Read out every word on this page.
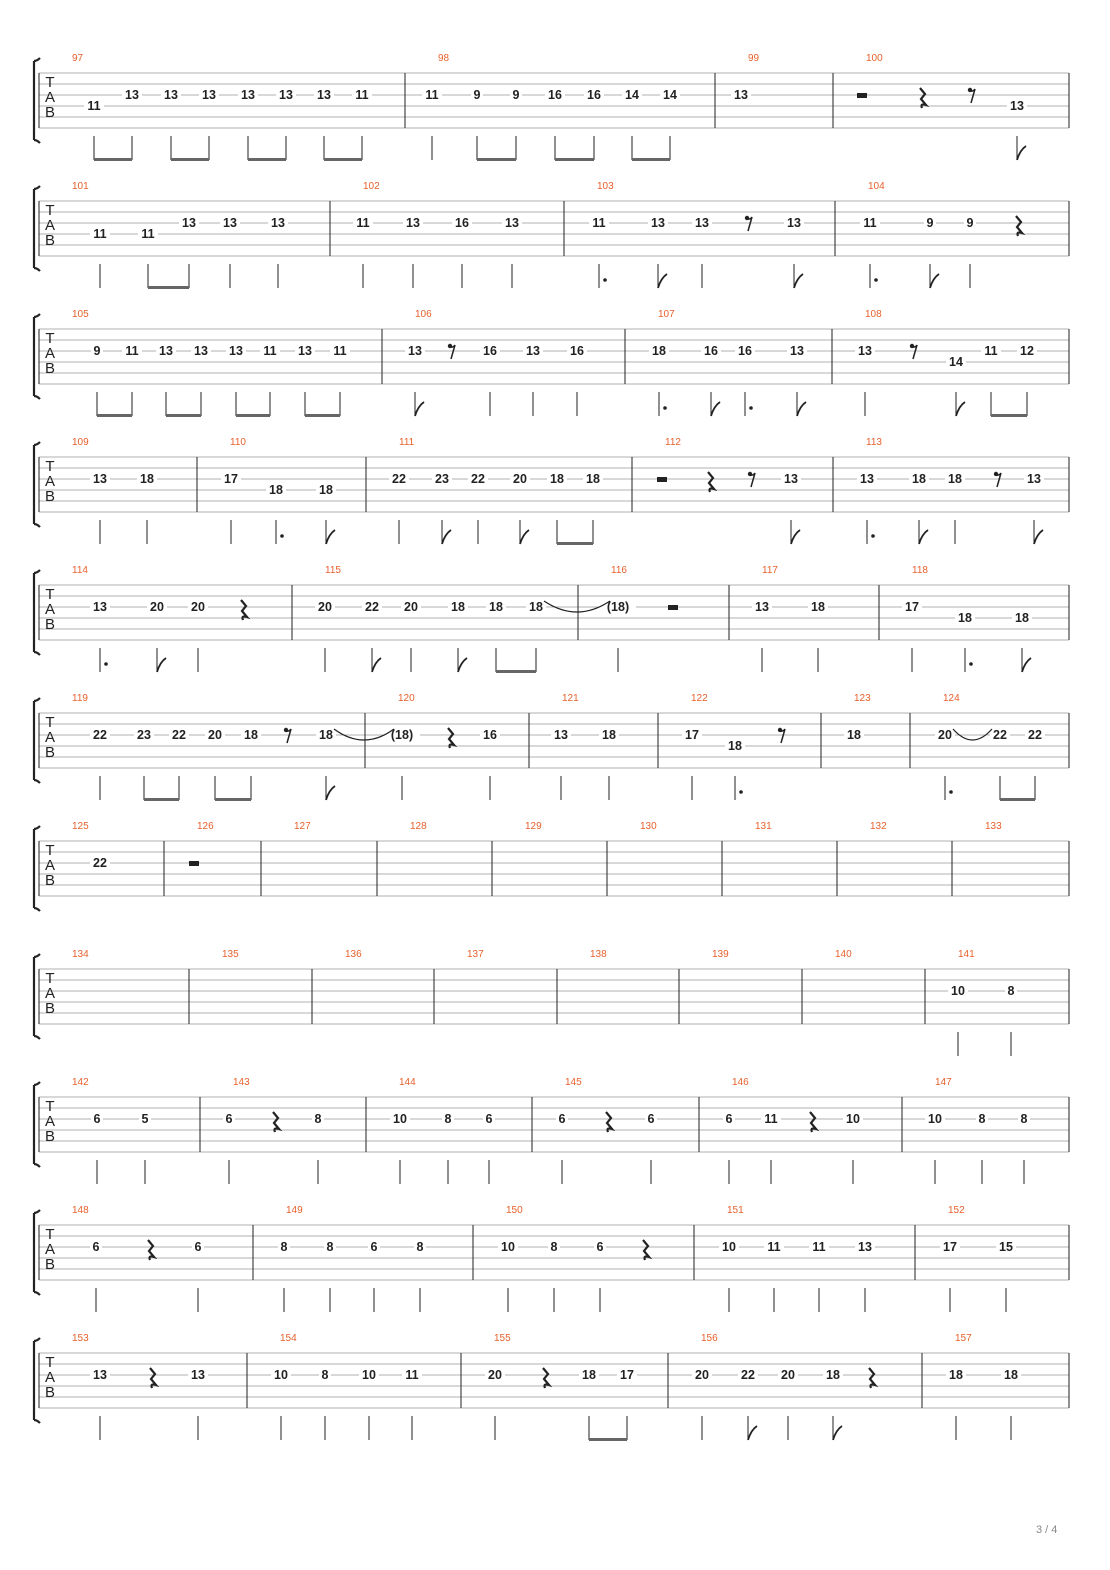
T
A
B
97
11
13 13 13 13 13 13 11
98
11	9	9 16 16 14 14
99
13
100
13
T
A
B
101
11	11
13 13	13
102
11	13	16	13
103
11	13 13	13
104
11	9	9
T
A
B
105
9 11 13 13 13 11 13 11
106
13	16 13 16
107
18	16 16	13
108
13
14
11 12
T
A
B
109
13	18
110
17
18	18
111
22 23 22 20 18 18
112
13
113
13	18 18	13
T
A
B
114
13	20 20
115
20	22 20	18 18 18
116
(18)
117
13	18
118
17
18	18
T
A
B
119
22 23 22 20 18	18
120
(18)	16
121
13	18
122
17
18
123
18
124
20	22 22
T
A
B
125
22
126	127	128	129	130	131	132	133
T
A
B
134	135	136	137	138	139	140	141
10	8
T
A
B
142
6	5
143
6	8
144
10	8	6
145
6	6
146
6	11	10
147
10	8	8
T
A
B
148
6	6
149
8	8	6	8
150
10	8	6
151
10	11	11	13
152
17	15
T
A
B
153
13	13
154
10	8	10 11
155
20	18 17
156
20	22 20 18
157
18	18
3 / 4
